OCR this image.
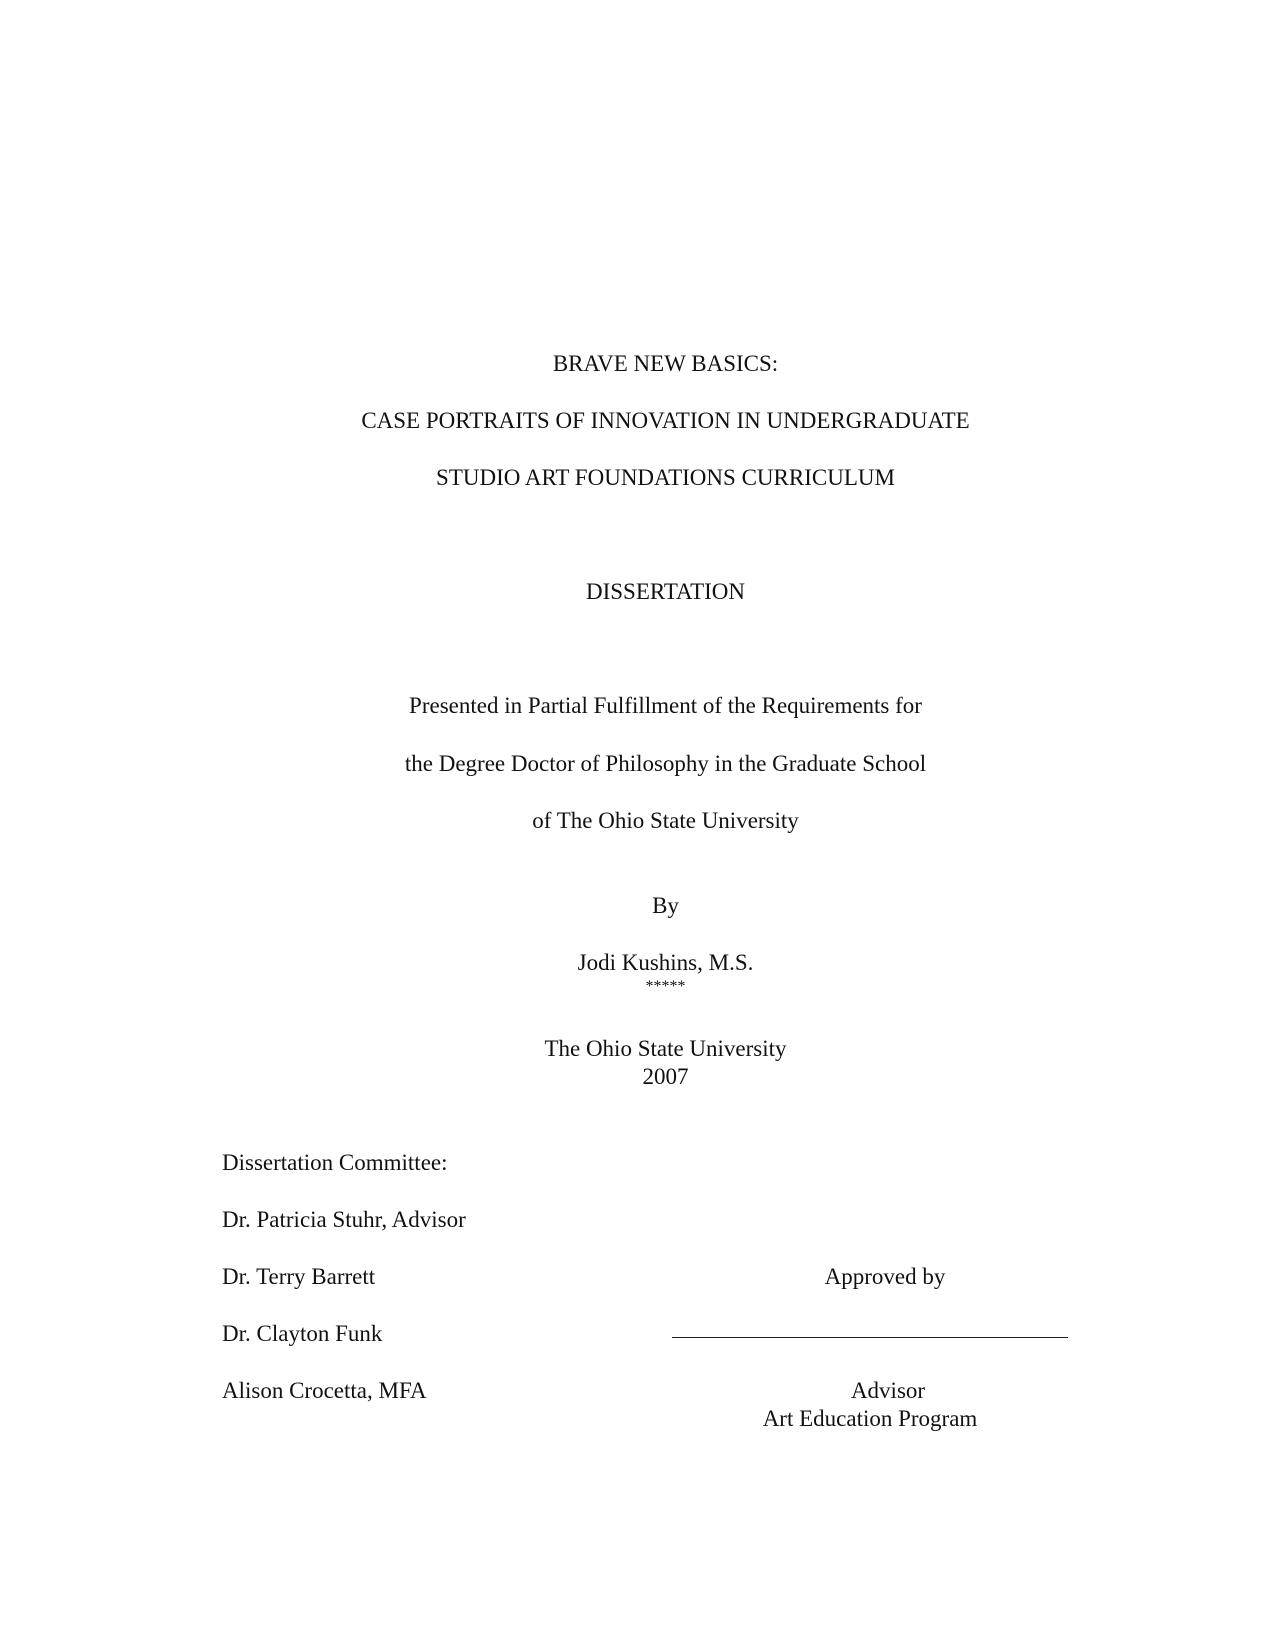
BRAVE NEW BASICS:
CASE PORTRAITS OF INNOVATION IN UNDERGRADUATE
STUDIO ART FOUNDATIONS CURRICULUM
DISSERTATION
Presented in Partial Fulfillment of the Requirements for
the Degree Doctor of Philosophy in the Graduate School
of The Ohio State University
By
Jodi Kushins, M.S.
*****
The Ohio State University
2007
Dissertation Committee:
Dr. Patricia Stuhr, Advisor
Dr. Terry Barrett
Dr. Clayton Funk
Alison Crocetta, MFA
Approved by
Advisor
Art Education Program
